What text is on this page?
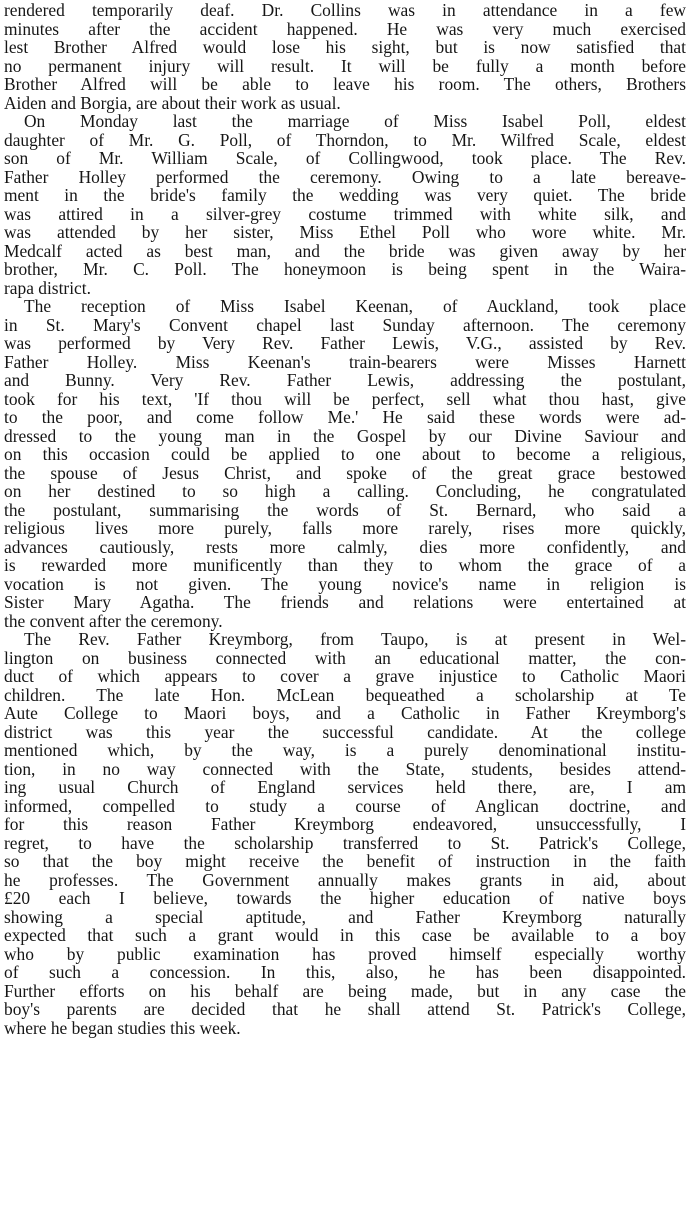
rendered temporarily deaf. Dr. Collins was in attendance in a few
minutes after the accident happened. He was very much exercised
lest Brother Alfred would lose his sight, but is now satisfied that
no permanent injury will result. It will be fully a month before
Brother Alfred will be able to leave his room. The others, Brothers
Aiden and Borgia, are about their work as usual.
On Monday last the marriage of Miss Isabel Poll, eldest
daughter of Mr. G. Poll, of Thorndon, to Mr. Wilfred Scale, eldest
son of Mr. William Scale, of Collingwood, took place. The Rev.
Father Holley performed the ceremony. Owing to a late bereave-
ment in the bride's family the wedding was very quiet. The bride
was attired in a silver-grey costume trimmed with white silk, and
was attended by her sister, Miss Ethel Poll who wore white. Mr.
Medcalf acted as best man, and the bride was given away by her
brother, Mr. C. Poll. The honeymoon is being spent in the Waira-
rapa district.
The reception of Miss Isabel Keenan, of Auckland, took place
in St. Mary's Convent chapel last Sunday afternoon. The ceremony
was performed by Very Rev. Father Lewis, V.G., assisted by Rev.
Father Holley. Miss Keenan's train-bearers were Misses Harnett
and Bunny. Very Rev. Father Lewis, addressing the postulant,
took for his text, 'If thou will be perfect, sell what thou hast, give
to the poor, and come follow Me.' He said these words were ad-
dressed to the young man in the Gospel by our Divine Saviour and
on this occasion could be applied to one about to become a religious,
the spouse of Jesus Christ, and spoke of the great grace bestowed
on her destined to so high a calling. Concluding, he congratulated
the postulant, summarising the words of St. Bernard, who said a
religious lives more purely, falls more rarely, rises more quickly,
advances cautiously, rests more calmly, dies more confidently, and
is rewarded more munificently than they to whom the grace of a
vocation is not given. The young novice's name in religion is
Sister Mary Agatha. The friends and relations were entertained at
the convent after the ceremony.
The Rev. Father Kreymborg, from Taupo, is at present in Wel-
lington on business connected with an educational matter, the con-
duct of which appears to cover a grave injustice to Catholic Maori
children. The late Hon. McLean bequeathed a scholarship at Te
Aute College to Maori boys, and a Catholic in Father Kreymborg's
district was this year the successful candidate. At the college
mentioned which, by the way, is a purely denominational institu-
tion, in no way connected with the State, students, besides attend-
ing usual Church of England services held there, are, I am
informed, compelled to study a course of Anglican doctrine, and
for this reason Father Kreymborg endeavored, unsuccessfully, I
regret, to have the scholarship transferred to St. Patrick's College,
so that the boy might receive the benefit of instruction in the faith
he professes. The Government annually makes grants in aid, about
£20 each I believe, towards the higher education of native boys
showing a special aptitude, and Father Kreymborg naturally
expected that such a grant would in this case be available to a boy
who by public examination has proved himself especially worthy
of such a concession. In this, also, he has been disappointed.
Further efforts on his behalf are being made, but in any case the
boy's parents are decided that he shall attend St. Patrick's College,
where he began studies this week.
